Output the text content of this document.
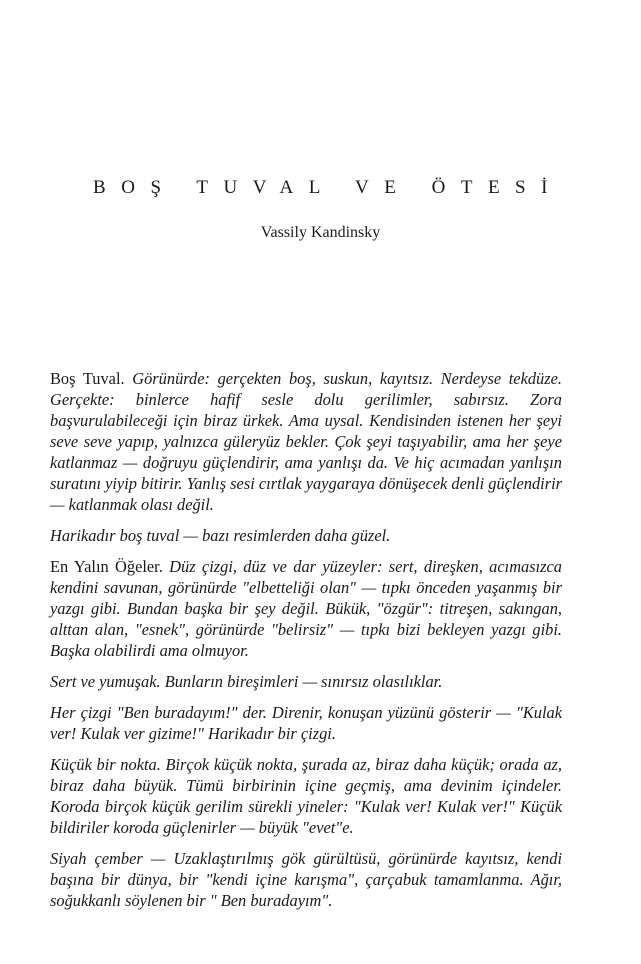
BOŞ TUVAL VE ÖTESİ
Vassily Kandinsky

Boş Tuval. Görünürde: gerçekten boş, suskun, kayıtsız. Nerdeyse tekdüze. Gerçekte: binlerce hafif sesle dolu gerilimler, sabırsız. Zora başvurulabileceği için biraz ürkek. Ama uysal. Kendisinden istenen her şeyi seve seve yapıp, yalnızca güleryüz bekler. Çok şeyi taşıyabilir, ama her şeye katlanmaz — doğruyu güçlendirir, ama yanlışı da. Ve hiç acımadan yanlışın suratını yiyip bitirir. Yanlış sesi cırtlak yaygaraya dönüşecek denli güçlendirir — katlanmak olası değil.

Harikadır boş tuval — bazı resimlerden daha güzel.

En Yalın Öğeler. Düz çizgi, düz ve dar yüzeyler: sert, direşken, acımasızca kendini savunan, görünürde "elbetteliği olan" — tıpkı önceden yaşanmış bir yazgı gibi. Bundan başka bir şey değil. Bükük, "özgür": titreşen, sakıngan, alttan alan, "esnek", görünürde "belirsiz" — tıpkı bizi bekleyen yazgı gibi. Başka olabilirdi ama olmuyor.

Sert ve yumuşak. Bunların bireşimleri — sınırsız olasılıklar.

Her çizgi "Ben buradayım!" der. Direnir, konuşan yüzünü gösterir — "Kulak ver! Kulak ver gizime!" Harikadır bir çizgi.

Küçük bir nokta. Birçok küçük nokta, şurada az, biraz daha küçük; orada az, biraz daha büyük. Tümü birbirinin içine geçmiş, ama devinim içindeler. Koroda birçok küçük gerilim sürekli yineler: "Kulak ver! Kulak ver!" Küçük bildiriler koroda güçlenirler — büyük "evet"e.

Siyah çember — Uzaklaştırılmış gök gürültüsü, görünürde kayıtsız, kendi başına bir dünya, bir "kendi içine karışma", çarçabuk tamamlanma. Ağır, soğukkanlı söylenen bir " Ben buradayım".
